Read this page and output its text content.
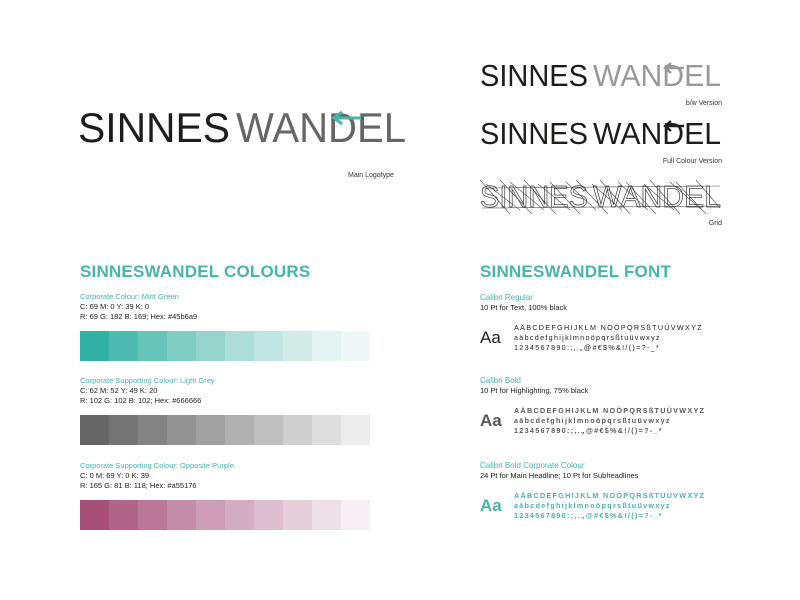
SINNES WANDEL
Main Logotype
SINNES WANDEL
b/w Version
SINNES WANDEL
Full Colour Version
SINNES WANDEL
Grid
SINNESWANDEL COLOURS
Corporate Colour: Mint Green
C: 69 M: 0 Y: 39 K: 0
R: 69 G: 182 B: 169; Hex: #45b6a9
Corporate Supporting Colour: Light Grey
C: 62 M: 52 Y: 49 K: 20
R: 102 G: 102 B: 102; Hex: #666666
Corporate Supporting Colour: Opposite Purple
C: 0 M: 69 Y: 0 K: 39
R: 165 G: 81 B: 118; Hex: #a55176
SINNESWANDEL FONT
Calibri Regular
10 Pt for Text, 100% black
Aa
AÄBCDEFGHIJKLM NOÖPQRSßTUÜVWXYZ
aäbcdefghijklmnoöpqrsßtuüvwxyz
1234567890:;,.„@#€$%&!/()=?-_*
Calibri Bold
10 Pt for Highlighting, 75% black
Aa
AÄBCDEFGHIJKLM NOÖPQRSßTUÜVWXYZ
aäbcdefghijklmnoöpqrsßtuüvwxyz
1234567890:;,.„@#€$%&!/()=?-_*
Calibri Bold Corporate Colour
24 Pt for Main Headline; 10 Pt for Subheadlines
Aa
AÄBCDEFGHIJKLM NOÖPQRSßTUÜVWXYZ
aäbcdefghijklmnoöpqrsßtuüvwxyz
1234567890:;,.„@#€$%&!/()=?-_*
